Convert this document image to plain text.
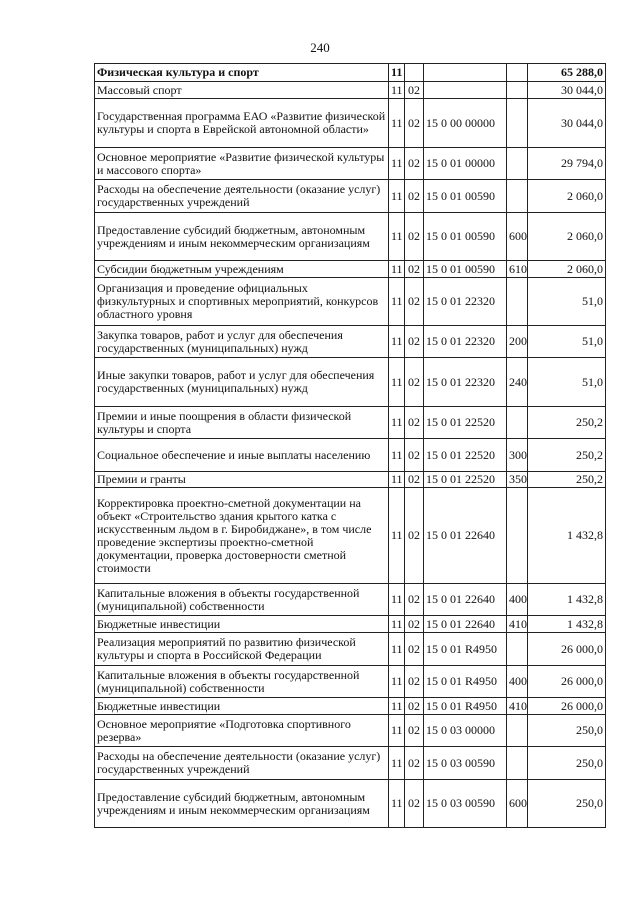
240
Физическая культура и спорт	11				65 288,0
Массовый спорт	11	02			30 044,0
Государственная программа ЕАО «Развитие физической культуры и спорта в Еврейской автономной области»	11	02	15 0 00 00000		30 044,0
Основное мероприятие «Развитие физической культуры и массового спорта»	11	02	15 0 01 00000		29 794,0
Расходы на обеспечение деятельности (оказание услуг) государственных учреждений	11	02	15 0 01 00590		2 060,0
Предоставление субсидий бюджетным, автономным учреждениям и иным некоммерческим организациям	11	02	15 0 01 00590	600	2 060,0
Субсидии бюджетным учреждениям	11	02	15 0 01 00590	610	2 060,0
Организация и проведение официальных физкультурных и спортивных мероприятий, конкурсов областного уровня	11	02	15 0 01 22320		51,0
Закупка товаров, работ и услуг для обеспечения государственных (муниципальных) нужд	11	02	15 0 01 22320	200	51,0
Иные закупки товаров, работ и услуг для обеспечения государственных (муниципальных) нужд	11	02	15 0 01 22320	240	51,0
Премии и иные поощрения в области физической культуры и спорта	11	02	15 0 01 22520		250,2
Социальное обеспечение и иные выплаты населению	11	02	15 0 01 22520	300	250,2
Премии и гранты	11	02	15 0 01 22520	350	250,2
Корректировка проектно-сметной документации на объект «Строительство здания крытого катка с искусственным льдом в г. Биробиджане», в том числе проведение экспертизы проектно-сметной документации, проверка достоверности сметной стоимости	11	02	15 0 01 22640		1 432,8
Капитальные вложения в объекты государственной (муниципальной) собственности	11	02	15 0 01 22640	400	1 432,8
Бюджетные инвестиции	11	02	15 0 01 22640	410	1 432,8
Реализация мероприятий по развитию физической культуры и спорта в Российской Федерации	11	02	15 0 01 R4950		26 000,0
Капитальные вложения в объекты государственной (муниципальной) собственности	11	02	15 0 01 R4950	400	26 000,0
Бюджетные инвестиции	11	02	15 0 01 R4950	410	26 000,0
Основное мероприятие «Подготовка спортивного резерва»	11	02	15 0 03 00000		250,0
Расходы на обеспечение деятельности (оказание услуг) государственных учреждений	11	02	15 0 03 00590		250,0
Предоставление субсидий бюджетным, автономным учреждениям и иным некоммерческим организациям	11	02	15 0 03 00590	600	250,0
